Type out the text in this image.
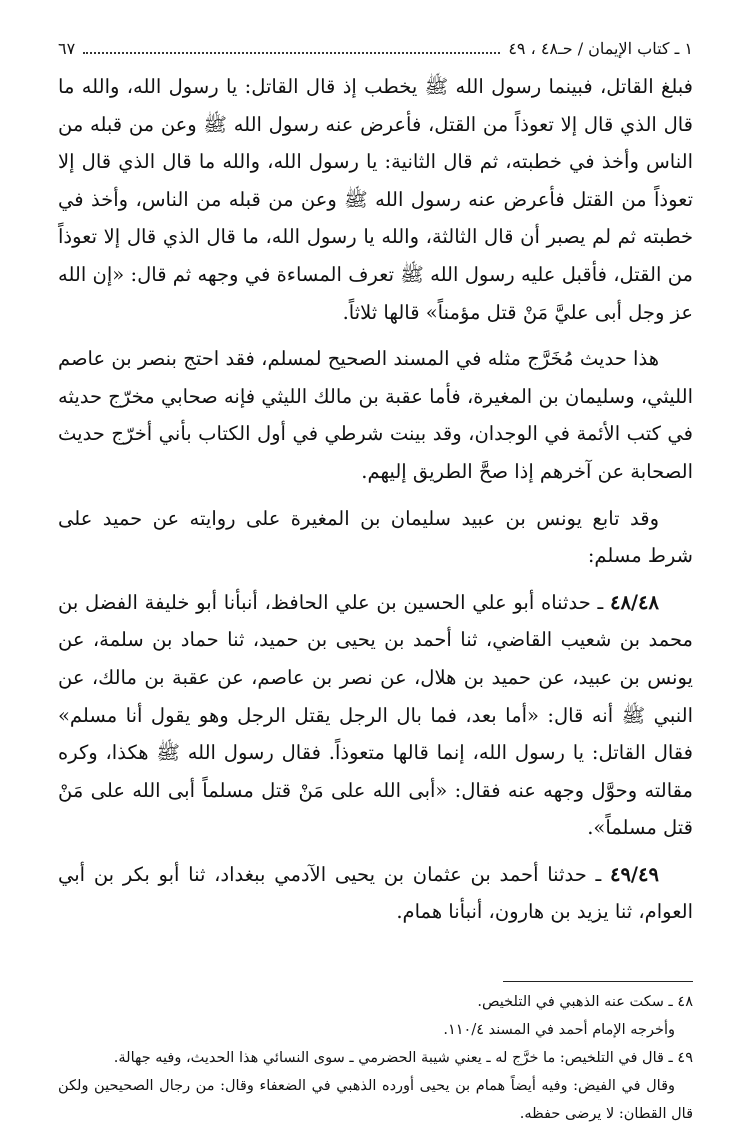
١ ـ كتاب الإيمان / حـ٤٨ ، ٤٩
٦٧

فبلغ القاتل، فبينما رسول الله ﷺ يخطب إذ قال القاتل: يا رسول الله، والله ما قال الذي قال إلا تعوذاً من القتل، فأعرض عنه رسول الله ﷺ وعن من قبله من الناس وأخذ في خطبته، ثم قال الثانية: يا رسول الله، والله ما قال الذي قال إلا تعوذاً من القتل فأعرض عنه رسول الله ﷺ وعن من قبله من الناس، وأخذ في خطبته ثم لم يصبر أن قال الثالثة، والله يا رسول الله، ما قال الذي قال إلا تعوذاً من القتل، فأقبل عليه رسول الله ﷺ تعرف المساءة في وجهه ثم قال: «إن الله عز وجل أبى عليَّ مَنْ قتل مؤمناً» قالها ثلاثاً.

هذا حديث مُخَرَّج مثله في المسند الصحيح لمسلم، فقد احتج بنصر بن عاصم الليثي، وسليمان بن المغيرة، فأما عقبة بن مالك الليثي فإنه صحابي مخرّج حديثه في كتب الأئمة في الوجدان، وقد بينت شرطي في أول الكتاب بأني أخرّج حديث الصحابة عن آخرهم إذا صحَّ الطريق إليهم.

وقد تابع يونس بن عبيد سليمان بن المغيرة على روايته عن حميد على شرط مسلم:

٤٨/٤٨ ـ حدثناه أبو علي الحسين بن علي الحافظ، أنبأنا أبو خليفة الفضل بن محمد بن شعيب القاضي، ثنا أحمد بن يحيى بن حميد، ثنا حماد بن سلمة، عن يونس بن عبيد، عن حميد بن هلال، عن نصر بن عاصم، عن عقبة بن مالك، عن النبي ﷺ أنه قال: «أما بعد، فما بال الرجل يقتل الرجل وهو يقول أنا مسلم» فقال القاتل: يا رسول الله، إنما قالها متعوذاً. فقال رسول الله ﷺ هكذا، وكره مقالته وحوَّل وجهه عنه فقال: «أبى الله على مَنْ قتل مسلماً أبى الله على مَنْ قتل مسلماً».

٤٩/٤٩ ـ حدثنا أحمد بن عثمان بن يحيى الآدمي ببغداد، ثنا أبو بكر بن أبي العوام، ثنا يزيد بن هارون، أنبأنا همام.

٤٨ ـ سكت عنه الذهبي في التلخيص.

وأخرجه الإمام أحمد في المسند ١١٠/٤.

٤٩ ـ قال في التلخيص: ما خرَّج له ـ يعني شيبة الحضرمي ـ سوى النسائي هذا الحديث، وفيه جهالة.

وقال في الفيض: وفيه أيضاً همام بن يحيى أورده الذهبي في الضعفاء وقال: من رجال الصحيحين ولكن قال القطان: لا يرضى حفظه.
